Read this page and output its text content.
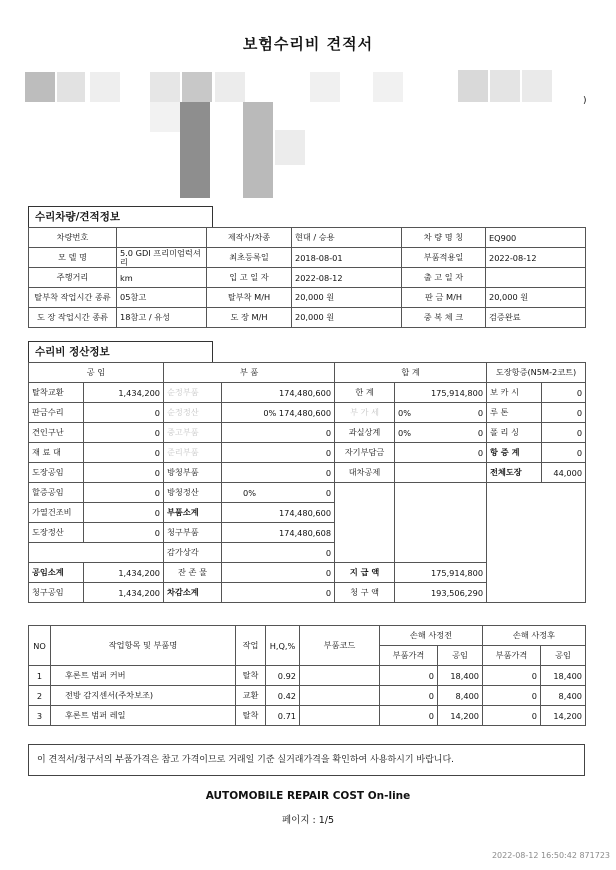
보험수리비 견적서
)
수리차량/견적정보
차량번호		제작사/차종	현대 / 승용	차 량 명 칭	EQ900
모 델 명	5.0 GDI 프리미엄럭셔리	최초등록일	2018-08-01	부품적용일	2022-08-12
주행거리	km	입 고 일 자	2022-08-12	출 고 일 자	
탈부착 작업시간 종류	05참고	탈부착 M/H	20,000 원	판 금 M/H	20,000 원
도 장 작업시간 종류	18참고 / 유성	도 장 M/H	20,000 원	중 복 체 크	검증완료
수리비 정산정보
공 임		부 품		합 계		도장항증(N5M-2코트)	
탈착교환	1,434,200	순정부품	174,480,600	한 계	175,914,800	보 카 시	0
판금수리	0	순정정산	0% 174,480,600	부 가 세	0% 0	루 톤	0
견인구난	0	중고부품	0	과실상계	0% 0	폴 리 싱	0
재 료 대	0	준리부품	0	자기부담금	0	항 증 계	0
도장공임	0	방청부품	0	대차공제		전체도장	44,000
할증공임	0	방청정산	0% 0				

가열건조비	0	부품소계	174,480,600				
도장정산	0	청구부품	174,480,608				
		감가상각	0				
공임소계	1,434,200	잔 존 물	0	지 급 액	175,914,800		
청구공임	1,434,200	차감소계	0	청 구 액	193,506,290		
NO	작업항목 및 부품명	작업	H,Q,%	부품코드	손해 사정전		손해 사정후	
					부품가격	공임	부품가격	공임
1	후론트 범퍼 커버	탈착	0.92		0	18,400	0	18,400
2	전방 감지센서(주차보조)	교환	0.42		0	8,400	0	8,400
3	후론트 범퍼 레일	탈착	0.71		0	14,200	0	14,200
이 견적서/청구서의 부품가격은 참고 가격이므로 거래일 기준 실거래가격을 확인하여 사용하시기 바랍니다.
AUTOMOBILE REPAIR COST On-line
페이지 : 1/5
2022-08-12 16:50:42 871723
